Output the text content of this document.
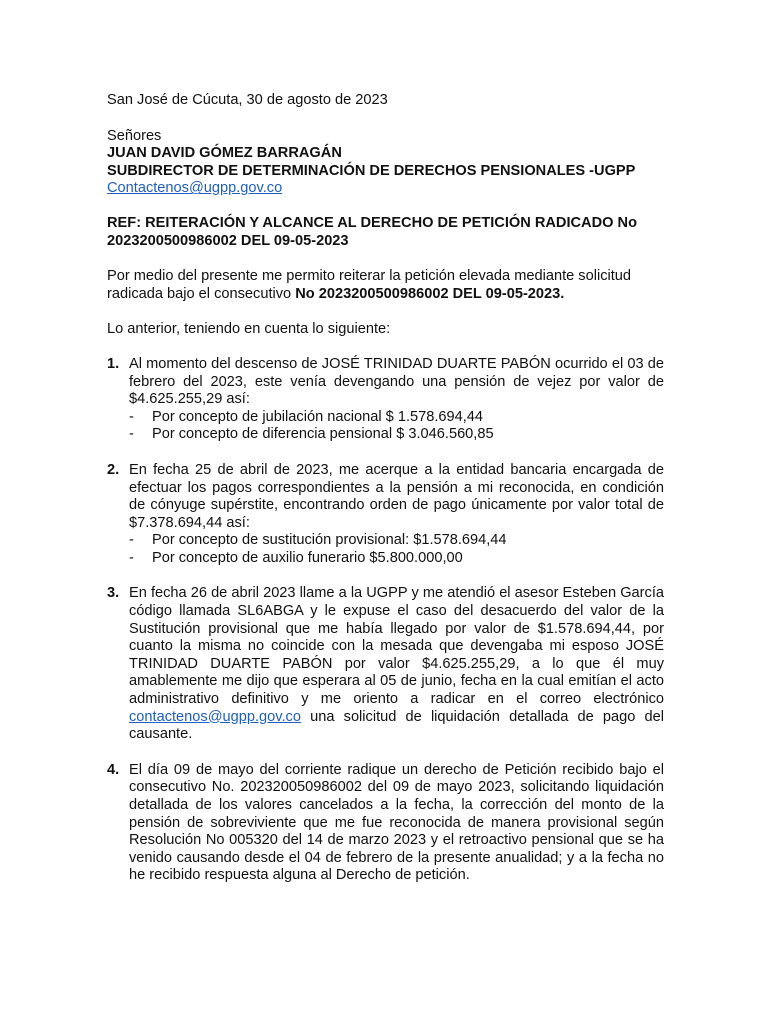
San José de Cúcuta, 30 de agosto de 2023

Señores

JUAN DAVID GÓMEZ BARRAGÁN

SUBDIRECTOR DE DETERMINACIÓN DE DERECHOS PENSIONALES -UGPP

Contactenos@ugpp.gov.co

REF: REITERACIÓN Y ALCANCE AL DERECHO DE PETICIÓN RADICADO No 2023200500986002 DEL 09-05-2023

Por medio del presente me permito reiterar la petición elevada mediante solicitud radicada bajo el consecutivo No 2023200500986002 DEL 09-05-2023.

Lo anterior, teniendo en cuenta lo siguiente:

1. Al momento del descenso de JOSÉ TRINIDAD DUARTE PABÓN ocurrido el 03 de febrero del 2023, este venía devengando una pensión de vejez por valor de $4.625.255,29 así:

- Por concepto de jubilación nacional $ 1.578.694,44
- Por concepto de diferencia pensional $ 3.046.560,85
2. En fecha 25 de abril de 2023, me acerque a la entidad bancaria encargada de efectuar los pagos correspondientes a la pensión a mi reconocida, en condición de cónyuge supérstite, encontrando orden de pago únicamente por valor total de $7.378.694,44 así:

- Por concepto de sustitución provisional: $1.578.694,44
- Por concepto de auxilio funerario $5.800.000,00
3. En fecha 26 de abril 2023 llame a la UGPP y me atendió el asesor Esteben García código llamada SL6ABGA y le expuse el caso del desacuerdo del valor de la Sustitución provisional que me había llegado por valor de $1.578.694,44, por cuanto la misma no coincide con la mesada que devengaba mi esposo JOSÉ TRINIDAD DUARTE PABÓN por valor $4.625.255,29, a lo que él muy amablemente me dijo que esperara al 05 de junio, fecha en la cual emitían el acto administrativo definitivo y me oriento a radicar en el correo electrónico contactenos@ugpp.gov.co una solicitud de liquidación detallada de pago del causante.

4. El día 09 de mayo del corriente radique un derecho de Petición recibido bajo el consecutivo No. 202320050986002 del 09 de mayo 2023, solicitando liquidación detallada de los valores cancelados a la fecha, la corrección del monto de la pensión de sobreviviente que me fue reconocida de manera provisional según Resolución No 005320 del 14 de marzo 2023 y el retroactivo pensional que se ha venido causando desde el 04 de febrero de la presente anualidad; y a la fecha no he recibido respuesta alguna al Derecho de petición.
